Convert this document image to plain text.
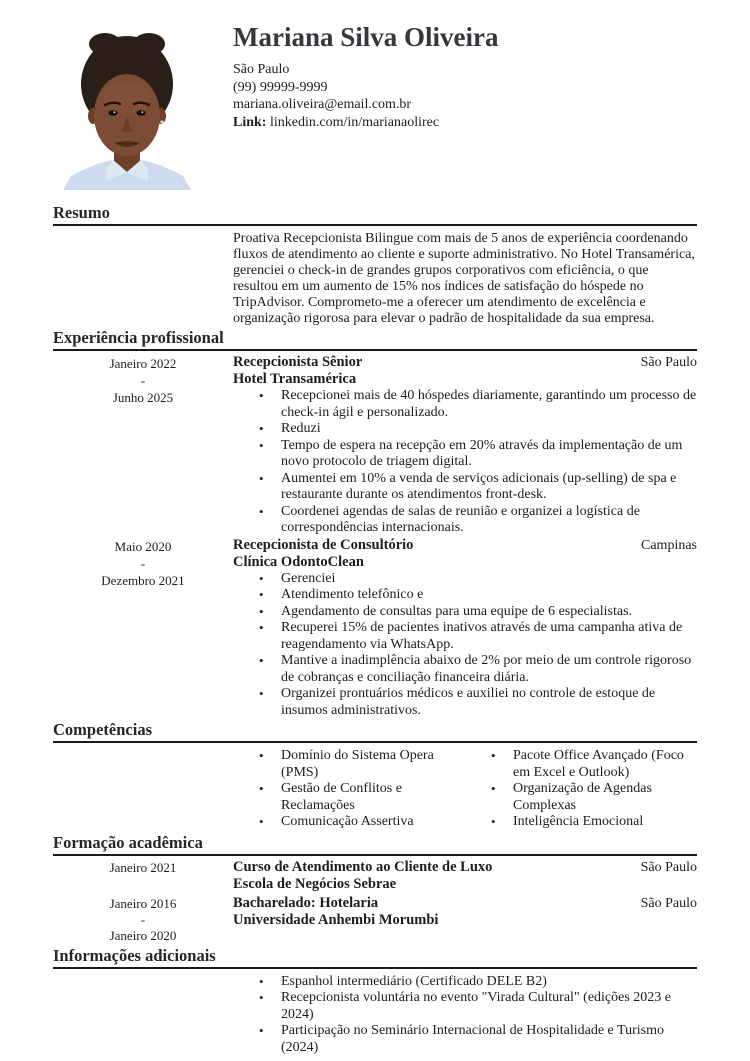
Mariana Silva Oliveira
São Paulo
(99) 99999-9999
mariana.oliveira@email.com.br
Link: linkedin.com/in/marianaolirec
Resumo

Proativa Recepcionista Bilingue com mais de 5 anos de experiência coordenando fluxos de atendimento ao cliente e suporte administrativo. No Hotel Transamérica, gerenciei o check-in de grandes grupos corporativos com eficiência, o que resultou em um aumento de 15% nos índices de satisfação do hóspede no TripAdvisor. Comprometo-me a oferecer um atendimento de excelência e organização rigorosa para elevar o padrão de hospitalidade da sua empresa.

Experiência profissional
Janeiro 2022
-
Junho 2025
Recepcionista Sênior	São Paulo
Hotel Transamérica
• Recepcionei mais de 40 hóspedes diariamente, garantindo um processo de check-in ágil e personalizado.
• Reduzi
• Tempo de espera na recepção em 20% através da implementação de um novo protocolo de triagem digital.
• Aumentei em 10% a venda de serviços adicionais (up-selling) de spa e restaurante durante os atendimentos front-desk.
• Coordenei agendas de salas de reunião e organizei a logística de correspondências internacionais.
Maio 2020
-
Dezembro 2021
Recepcionista de Consultório	Campinas
Clínica OdontoClean
• Gerenciei
• Atendimento telefônico e
• Agendamento de consultas para uma equipe de 6 especialistas.
• Recuperei 15% de pacientes inativos através de uma campanha ativa de reagendamento via WhatsApp.
• Mantive a inadimplência abaixo de 2% por meio de um controle rigoroso de cobranças e conciliação financeira diária.
• Organizei prontuários médicos e auxiliei no controle de estoque de insumos administrativos.
Competências
• Domínio do Sistema Opera (PMS)
• Gestão de Conflitos e Reclamações
• Comunicação Assertiva
• Pacote Office Avançado (Foco em Excel e Outlook)
• Organização de Agendas Complexas
• Inteligência Emocional
Formação acadêmica
Janeiro 2021	Curso de Atendimento ao Cliente de Luxo	São Paulo
Escola de Negócios Sebrae
Janeiro 2016
-
Janeiro 2020
Bacharelado: Hotelaria	São Paulo
Universidade Anhembi Morumbi
Informações adicionais
• Espanhol intermediário (Certificado DELE B2)
• Recepcionista voluntária no evento "Virada Cultural" (edições 2023 e 2024)
• Participação no Seminário Internacional de Hospitalidade e Turismo (2024)
